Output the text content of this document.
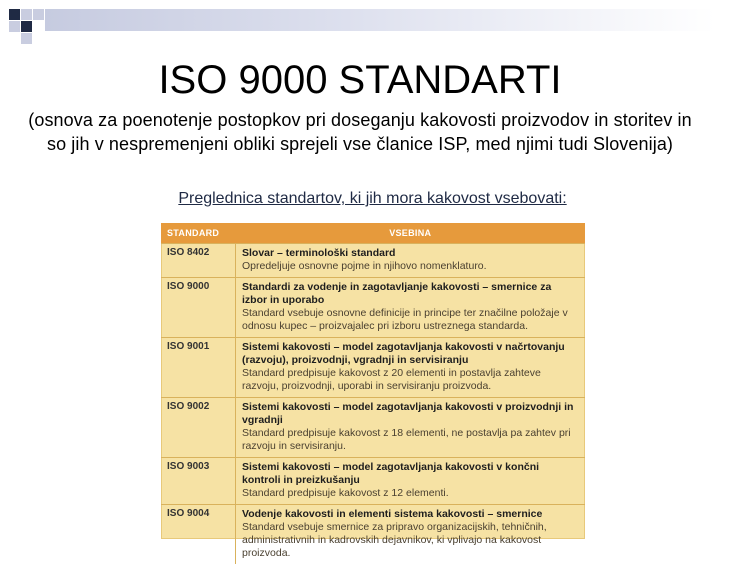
ISO 9000 STANDARTI
(osnova za poenotenje postopkov pri doseganju kakovosti proizvodov in storitev in so jih v nespremenjeni obliki sprejeli vse članice ISP, med njimi tudi Slovenija)
Preglednica standartov, ki jih mora kakovost vsebovati:
STANDARD	VSEBINA
ISO 8402	Slovar – terminološki standard
Opredeljuje osnovne pojme in njihovo nomenklaturo.

ISO 9000	Standardi za vodenje in zagotavljanje kakovosti – smernice za izbor in uporabo
Standard vsebuje osnovne definicije in principe ter značilne položaje v odnosu kupec – proizvajalec pri izboru ustreznega standarda.

ISO 9001	Sistemi kakovosti – model zagotavljanja kakovosti v načrtovanju (razvoju), proizvodnji, vgradnji in servisiranju
Standard predpisuje kakovost z 20 elementi in postavlja zahteve razvoju, proizvodnji, uporabi in servisiranju proizvoda.

ISO 9002	Sistemi kakovosti – model zagotavljanja kakovosti v proizvodnji in vgradnji
Standard predpisuje kakovost z 18 elementi, ne postavlja pa zahtev pri razvoju in servisiranju.

ISO 9003	Sistemi kakovosti – model zagotavljanja kakovosti v končni kontroli in preizkušanju
Standard predpisuje kakovost z 12 elementi.

ISO 9004	Vodenje kakovosti in elementi sistema kakovosti – smernice
Standard vsebuje smernice za pripravo organizacijskih, tehničnih, administrativnih in kadrovskih dejavnikov, ki vplivajo na kakovost proizvoda.
